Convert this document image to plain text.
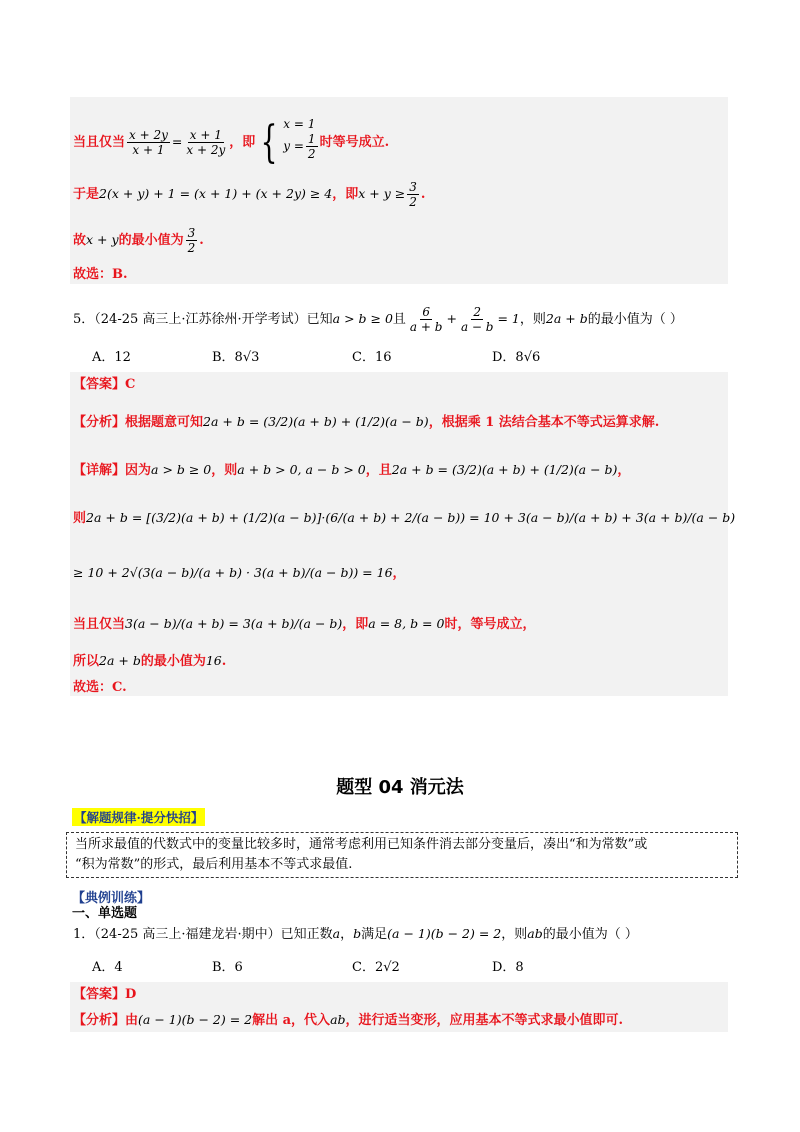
当且仅当 $\frac{x + 2y}{x + 1} = \frac{x + 1}{x + 2y}$ ，即 { x = 1
$y = \frac{1}{2}$ 时等号成立.
于是2(x + y) + 1 = (x + 1) + (x + 2y) ≥ 4，即$x + y \ge \frac{3}{2}$ .
故x + y的最小值为 $\frac{3}{2}$ .
故选：B.
5．（24-25 高三上·江苏徐州·开学考试）已知a > b ≥ 0且 $\frac{6}{a + b} + \frac{2}{a - b} = 1$，则2a + b的最小值为（ ）
A．12	B．8√3	C．16	D．8√6
【答案】C
【分析】根据题意可知2a + b = (3/2)(a + b) + (1/2)(a − b)，根据乘 1 法结合基本不等式运算求解.
【详解】因为a > b ≥ 0，则a + b > 0, a − b > 0，且2a + b = (3/2)(a + b) + (1/2)(a − b)，
则2a + b = [(3/2)(a + b) + (1/2)(a − b)]·(6/(a + b) + 2/(a − b)) = 10 + 3(a − b)/(a + b) + 3(a + b)/(a − b)
≥ 10 + 2√(3(a − b)/(a + b) · 3(a + b)/(a − b)) = 16，
当且仅当3(a − b)/(a + b) = 3(a + b)/(a − b)，即a = 8, b = 0时，等号成立，
所以2a + b的最小值为16.
故选：C.
题型 04 消元法
【解题规律·提分快招】
当所求最值的代数式中的变量比较多时，通常考虑利用已知条件消去部分变量后，凑出“和为常数”或
“积为常数”的形式，最后利用基本不等式求最值.
【典例训练】
一、单选题
1．（24-25 高三上·福建龙岩·期中）已知正数a，b满足(a − 1)(b − 2) = 2，则ab的最小值为（ ）
A．4	B．6	C．2√2	D．8
【答案】D
【分析】由(a − 1)(b − 2) = 2解出 a，代入ab，进行适当变形，应用基本不等式求最小值即可.
